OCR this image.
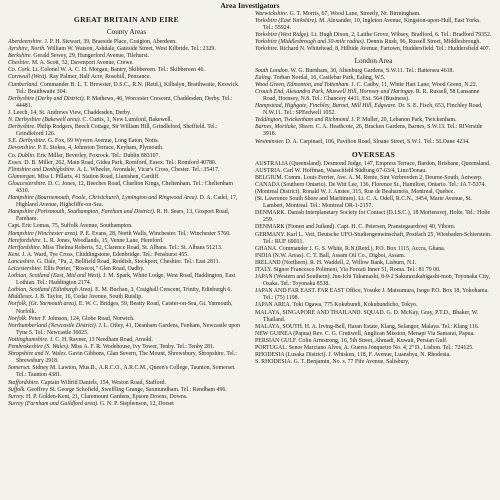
Area Investigators
GREAT BRITAIN AND EIRE
County Areas

Aberdeenshire. J. P. H. Stewart, 39, Braeside Place, Craigton, Aberdeen.

Ayrshire, North. William W. Watson, Ashdale, Gateside Street, West Kilbride. Tel.: 2329.

Berkshire. Gerald Sewey, 29, Hungerford Avenue, Tilehurst.

Cheshire. M. A. Scott, 52, Davenport Avenue, Crewe.

Co. Cork. Lt. Colonel W. A. C. H. Morgan, Bantry, Skibbereen. Tel.: Skibbereen 46.

Cornwall (West). Ray Palmer, Half Acre, Rosehill, Penzance.

Cumberland. Commander B. L. T. Brewster, D.S.C., R.N. (Retd.), Kilbalyn, Braithwaite, Keswick. Tel.: Braithwaite 304.

Derbyshire (Derby and District). P. Mathews, 46, Worcester Crescent, Chaddesden, Derby. Tel.: 44481.

J. Leech, 14, St. Andrews View, Chaddesden, Derby.

N. Derbyshire (Bakewell area). C. Curtis, 1, New Lumford, Bakewell.

Derbyshire. Philip Rodgers, Beech Cottage, Sir William Hill, Grindleford, Sheffield. Tel.: Grindleford 126.

S.E. Derbyshire. G. Fox, 69 Wyvern Avenue, Long Eaton, Notts.

Devonshire. P. E. Stokes, 4, Johnston Terrace, Keyham, Plymouth.

Co. Dublin. Eric Millar, Beverley, Foxrock. Tel.: Dublin 883107.

Essex. D. B. Miller, 262, Main Road, Gidea Park, Romford, Essex. Tel.: Romford 40780.

Flintshire and Denbighshire. A. L. Wheeler, Avondale, Vicar's Cross, Chester. Tel.: 35417.

Glamorgan. Miss I. Pillarts, 41 Station Road, Llanishen, Cardiff.

Gloucestershire. D. C. Jones, 12, Beeches Road, Charlton Kings, Cheltenham. Tel.: Cheltenham 4310.

Hampshire (Bournemouth, Poole, Christchurch, Lymington and Ringwood Area). D. A. Cadel, 17, Highland Avenue, Highcliffe-on-Sea.

Hampshire (Portsmouth, Southampton, Fareham and District). R. H. Sears, 13, Gosport Road, Fareham.

Capt. Eric Lomas, 75, Suffolk Avenue, Southampton.

Hampshire (Winchester area). P. E. Evans, 28, North Walls, Winchester. Tel.: Winchester 5760.

Herefordshire. L. R. Jones, Woodlands, 15, Venne Lane, Hereford.

Hertfordshire. Miss Thelma Roberts, 52, Clarence Road, St. Albans. Tel.: St. Albans 51213.

Kent. J. A. Ward, Tye Cross, Chiddingstone, Edenbridge. Tel.: Penshurst 455.

Lancashire. G. Dale, "Pa, 2, Bellfield Road, Reddish, Stockport, Cheshire. Tel.: East 2811.

Leicestershire. Ellis Porter, "Rosecot," Glen Road, Oadby.

Lothian, Scotland (East, Mid and West). J. M. Spark, White Lodge, West Road, Haddington, East Lothian. Tel.: Haddington 2174.

Lothian, Scotland (Edinburgh Area). E. M. Buchan, 3, Craighall Crescent, Trinity, Edinburgh 6.

Middlesex. J. B. Taylor, 16, Cedar Avenue, South Ruislip.

Norfolk, (Gt. Yarmouth area). E. W. C. Bridges, 59, Beatty Road, Caister-on-Sea, Gt. Yarmouth, Norfolk.

Norfolk. Peter F. Johnson, 124, Globe Road, Norwich.

Northumberland (Newcastle District). J. L. Otley, 41, Deanham Gardens, Fenham, Newcastle upon Tyne 5. Tel.: Newcastle 36025.

Nottinghamshire. J. C. H. Ravner, 13 Needham Road, Arnold.

Pembrokeshire (S. Wales). Miss A. F. R. Wodehouse, Ivy Tower, Tenby. Tel.: Tenby 281.

Shropshire and N. Wales. Gavin Gibbons, Glan Severn, The Mount, Shrewsbury, Shropshire. Tel.: Shrewsbury 2918.

Somerset. Sidney M. Lawton, Mus.B., A.R.C.O., A.R.C.M., Queen's College, Taunton, Somerset. Tel.: Taunton 4381.

Staffordshire. Captain Wilfrid Daniels, 154, Weston Road, Stafford.

Suffolk. Geoffrey St. George Schofield, Sweffling Grange, Saxmundham. Tel.: Rendham 496.

Surrey. H. P. Golden-Kent, 21, Claremount Gardens, Epsom Downs, Downs.

Surrey (Farnham and Guildford area). G. N. P. Stephenson, 12, Dorset

Warwickshire. G. T. Morris, 67, Wood Lane, Streetly, Nr. Birmingham.

Yorkshire (East Yorkshire). M. Alexander, 10, Ingleton Avenue, Kingston-upon-Hull, East Yorks. Tel.: 55924.

Yorkshire (West Ridge). Lt. Hugh Dixon, 2, Laithe Grove, Wibsey, Bradford, 6. Tel.: Bradford 79352.

Yorkshire (Middlesbrough and 30-mile radius). Dennis Rush, 96, Russell Street, Middlesbrough.

Yorkshire. Richard N. Whitehead, 8, Hilbide Avenue, Fartown, Huddersfield. Tel.: Huddersfield 407.

London Area

South London. W. G. Burnham, 30, Altenburg Gardens, S.W.11. Tel.: Battersea 4618.

Ealing. Torban Nordal, 16, Castlebar Park, Ealing, W.5.

Wood Green, Edmonton, and Tottenham. J. C. Cadby, 11, White Hart Lane, Wood Green, N.22.

Crouch End, Alexandra Park, Muswell Hill, Hornsey and Haringay. R. R. Russell, 58 Lansanne Road, Hornsey, N.8. Tel.: Chancery 4411, Ext. 564 (Business).

Hampstead, Highgate, Finchley, Barnet, Mill Hill, Edgware. Dr. S. E. Fisch, 653, Finchley Road, N.W.11. Tel.: SPEedwell 1052.

Teddington, Twickenham and Richmond. J. P. Muller, 20, Lebanon Park, Twickenham.

Barnes, Mortlake, Sheen. C. A. Heathcote, 26, Bracken Gardens, Barnes, S.W.13. Tel.: RIVerside 3918.

Westminster. D. A. Carpinael, 106, Pavilion Road, Sloane Street, S.W.1. Tel.: SLOane 4234.

OVERSEAS

AUSTRALIA (Queensland). Desmond Judge, 147, Empress Terrace, Bardon, Brisbane, Queensland.

AUSTRIA. Carl W. Hoffman, Waaschfeld Südfung 67-63/4, Linz/Donau.

BELGIUM. Comm. Louis Ferrier, Ave. A. M. Renie, Sint Verbrevden 2, Deurne-South, Antwerp.

CANADA (Southern Ontario). De Witt Lee, 136, Florence St., Hamilton, Ontario. Tel.: JA 7-5374.

(Montreal District). Ronald W. J. Anstee, 315, Rue de Beaharnois, Montreal, Quebec.

(St. Lawrence South Shore and Maritimes). Lt. C. A. Odell, R.C.N., 3454, Marie Avenue, St. Lambert, Montreal. Tel.: Montreal OR-1-2157.

DENMARK. Danish Interplanetary Society for Contact (D.I.S.C.), 18 Mortensvej, Holte. Tel.: Holte 259.

DENMARK (Fionen and Jutland). Capt. H. C. Petersen, Pranstegaardsvej 40, Viborn.

GERMANY. Karl L. Veit, Deutsche UFO-Studiengemeinschaft, Postfach 25, Wiesbaden-Schierstein. Tel.: RUF 60031.

GHANA. Commander J. G. S. White, R.N.(Retd.), P.O. Box 1115, Accra, Ghana.

INDIA (N.W. Areas). C. T. Ball, Assam Oil Co., Digboi, Assam.

IRELAND (Northern). R. H. Waddell, 2, Willow Bank, Lisburn, N.I.

ITALY. Signor Francesco Polimeni, Via Forzati Inner 51, Roma. Tel.: 81 79 00.

JAPAN (Western and Southern). Jun-Ichi Takamashi, 8-9-2 Sakurazukahigashi-mon, Toyonaka City, Osaka. Tel.: Toyonaka 8538.

JAPAN AND FAR EAST. FAR EAST Office, Yosuke J. Matsumura, Isogo P.O. Box 18, Yokohama. Tel.: (75) 1198.

JAPAN AREA. Toki Ogawa, 775 Kokubundi, Kokubundicho, Tokyo.

MALAYA, SINGAPORE AND THAILAND. SQUAD. G. D. McKay, Gray, P.T.D., Bhaker, W. Thailand.

MALAYA, SOUTH. H. A. Irving-Bell, Haran Estate, Klang, Selangor, Malaya. Tel.: Klang 116.

NEW GUINEA (Papua) Rev. C. G. Cruttwell, Anglican Mission, Menapi Via Samarai, Papua.

PERSIAN GULF. Colin Armstrong, 16, 5th Street, Ahmadi, Kuwait, Persian Gulf.

PORTUGAL. Senor Marciano Alves, A. Guerra Jonqueiro No. 4, 2º D., Lisbon. Tel.: 724125.

RHODESIA (Lusaka District). J. Whisken, 118, F. Avenue, Luanshya, N. Rhodesia.

S. RHODESIA. G. T. Benjamin, No. s. 77 Fife Avenue, Salisbury,
